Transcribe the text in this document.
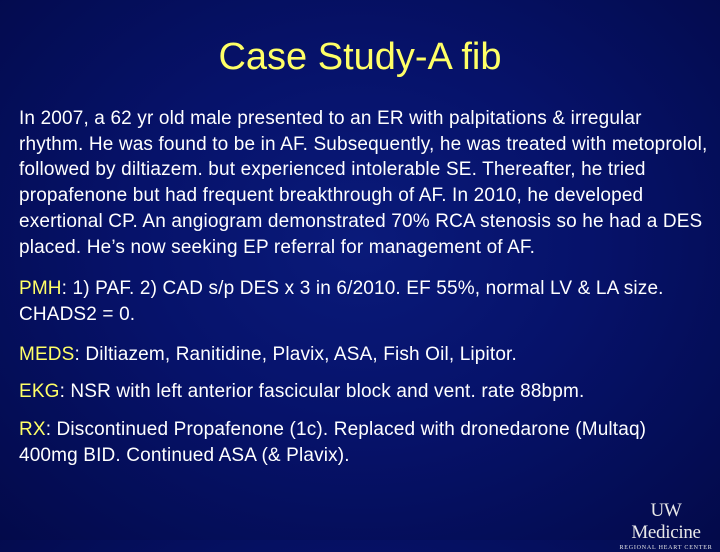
Case Study-A fib

In 2007, a 62 yr old male presented to an ER with palpitations & irregular rhythm. He was found to be in AF. Subsequently, he was treated with metoprolol, followed by diltiazem. but experienced intolerable SE. Thereafter, he tried propafenone but had frequent breakthrough of AF. In 2010, he developed exertional CP. An angiogram demonstrated 70% RCA stenosis so he had a DES placed. He’s now seeking EP referral for management of AF.

PMH: 1) PAF. 2) CAD s/p DES x 3 in 6/2010. EF 55%, normal LV & LA size. CHADS2 = 0.

MEDS: Diltiazem, Ranitidine, Plavix, ASA, Fish Oil, Lipitor.

EKG: NSR with left anterior fascicular block and vent. rate 88bpm.

RX: Discontinued Propafenone (1c). Replaced with dronedarone (Multaq) 400mg BID. Continued ASA (& Plavix).

UW Medicine
REGIONAL HEART CENTER
